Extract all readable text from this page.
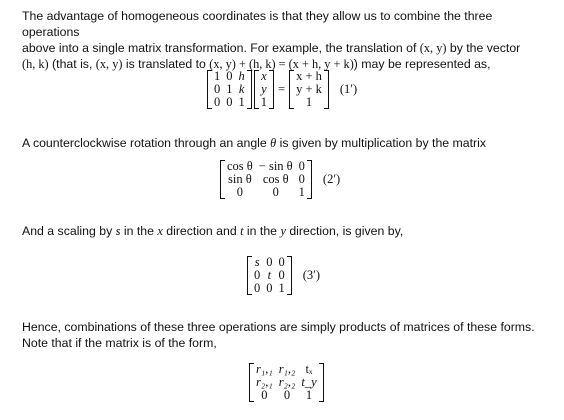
The advantage of homogeneous coordinates is that they allow us to combine the three operations
above into a single matrix transformation. For example, the translation of (x, y) by the vector
(h, k) (that is, (x, y) is translated to (x, y) + (h, k) = (x + h, y + k)) may be represented as,
1	0	h
0	1	k
0	0	1
x
y
1
=
x + h
y + k
1
(1′)
A counterclockwise rotation through an angle θ is given by multiplication by the matrix
cos θ	− sin θ	0
sin θ	cos θ	0
0	0	1
(2′)
And a scaling by s in the x direction and t in the y direction, is given by,
s	0	0
0	t	0
0	0	1
(3′)
Hence, combinations of these three operations are simply products of matrices of these forms.
Note that if the matrix is of the form,
r₁,₁	r₁,₂	tₓ
r₂,₁	r₂,₂	t_y
0	0	1
